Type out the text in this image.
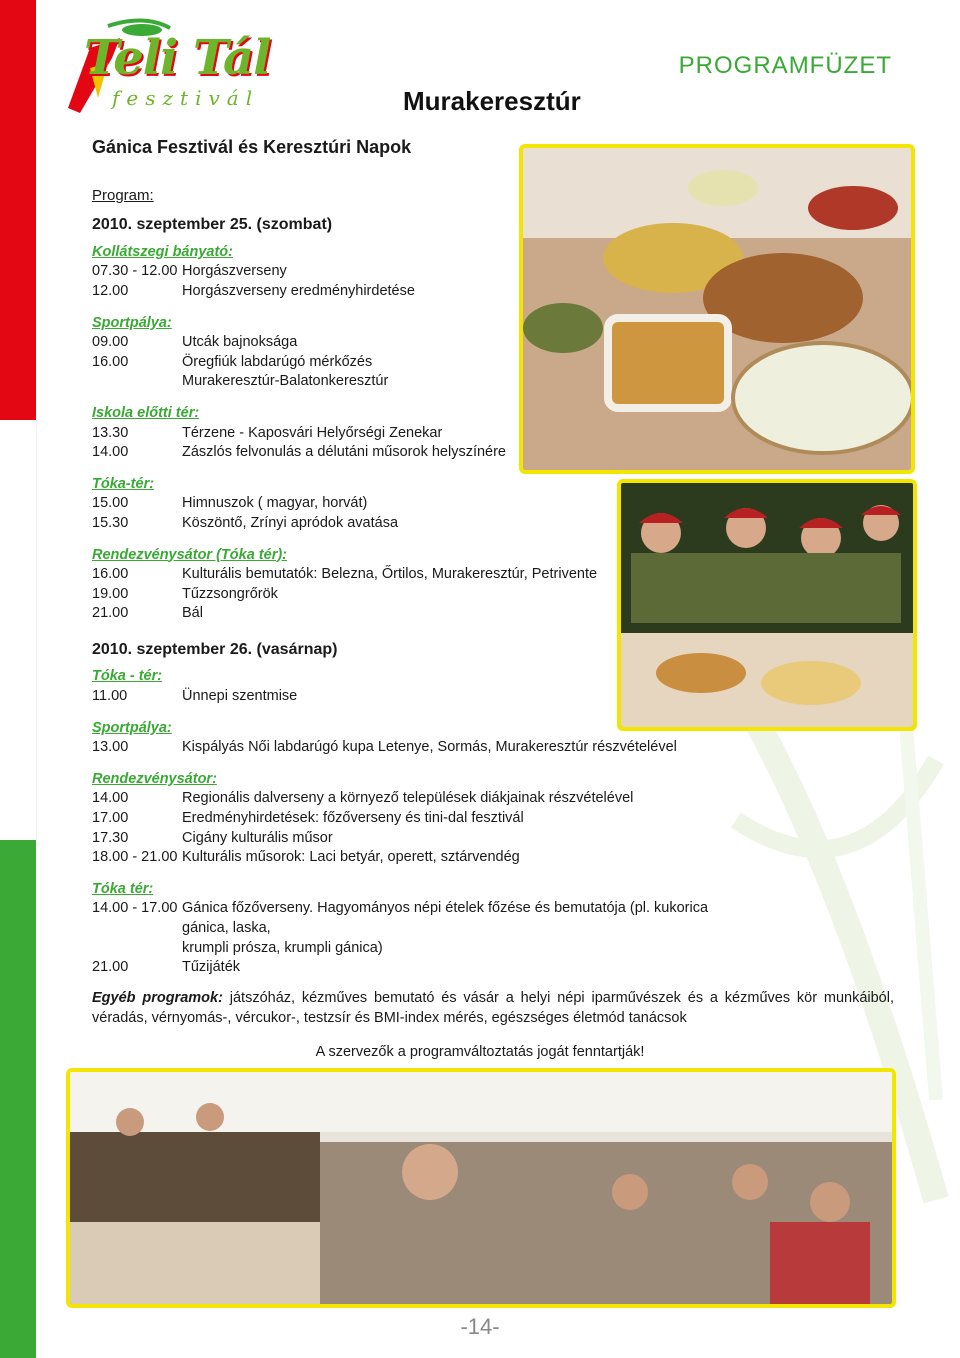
Teli Tál
fesztivál
PROGRAMFÜZET
Murakeresztúr
Gánica Fesztivál és Keresztúri Napok
Program:
2010. szeptember 25. (szombat)
Kollátszegi bányató:
07.30 - 12.00 Horgászverseny
12.00	Horgászverseny eredményhirdetése
Sportpálya:
09.00	Utcák bajnoksága
16.00	Öregfiúk labdarúgó mérkőzés
Murakeresztúr-Balatonkeresztúr
Iskola előtti tér:
13.30	Térzene - Kaposvári Helyőrségi Zenekar
14.00	Zászlós felvonulás a délutáni műsorok helyszínére
Tóka-tér:
15.00	Himnuszok ( magyar, horvát)
15.30	Köszöntő, Zrínyi apródok avatása
Rendezvénysátor (Tóka tér):
16.00	Kulturális bemutatók: Belezna, Őrtilos, Murakeresztúr, Petrivente
19.00	Tűzzsongrőrök
21.00	Bál
2010. szeptember 26. (vasárnap)
Tóka - tér:
11.00	Ünnepi szentmise
Sportpálya:
13.00	Kispályás Női labdarúgó kupa Letenye, Sormás, Murakeresztúr részvételével
Rendezvénysátor:
14.00	Regionális dalverseny a környező települések diákjainak részvételével
17.00	Eredményhirdetések: főzőverseny és tini-dal fesztivál
17.30	Cigány kulturális műsor
18.00 - 21.00 Kulturális műsorok: Laci betyár, operett, sztárvendég
Tóka tér:
14.00 - 17.00 Gánica főzőverseny. Hagyományos népi ételek főzése és bemutatója (pl. kukorica gánica, laska,
krumpli prósza, krumpli gánica)
21.00	Tűzijáték
Egyéb programok: játszóház, kézműves bemutató és vásár a helyi népi iparművészek és a kézműves kör munkáiból, véradás, vérnyomás-, vércukor-, testzsír és BMI-index mérés, egészséges életmód tanácsok
A szervezők a programváltoztatás jogát fenntartják!
-14-
